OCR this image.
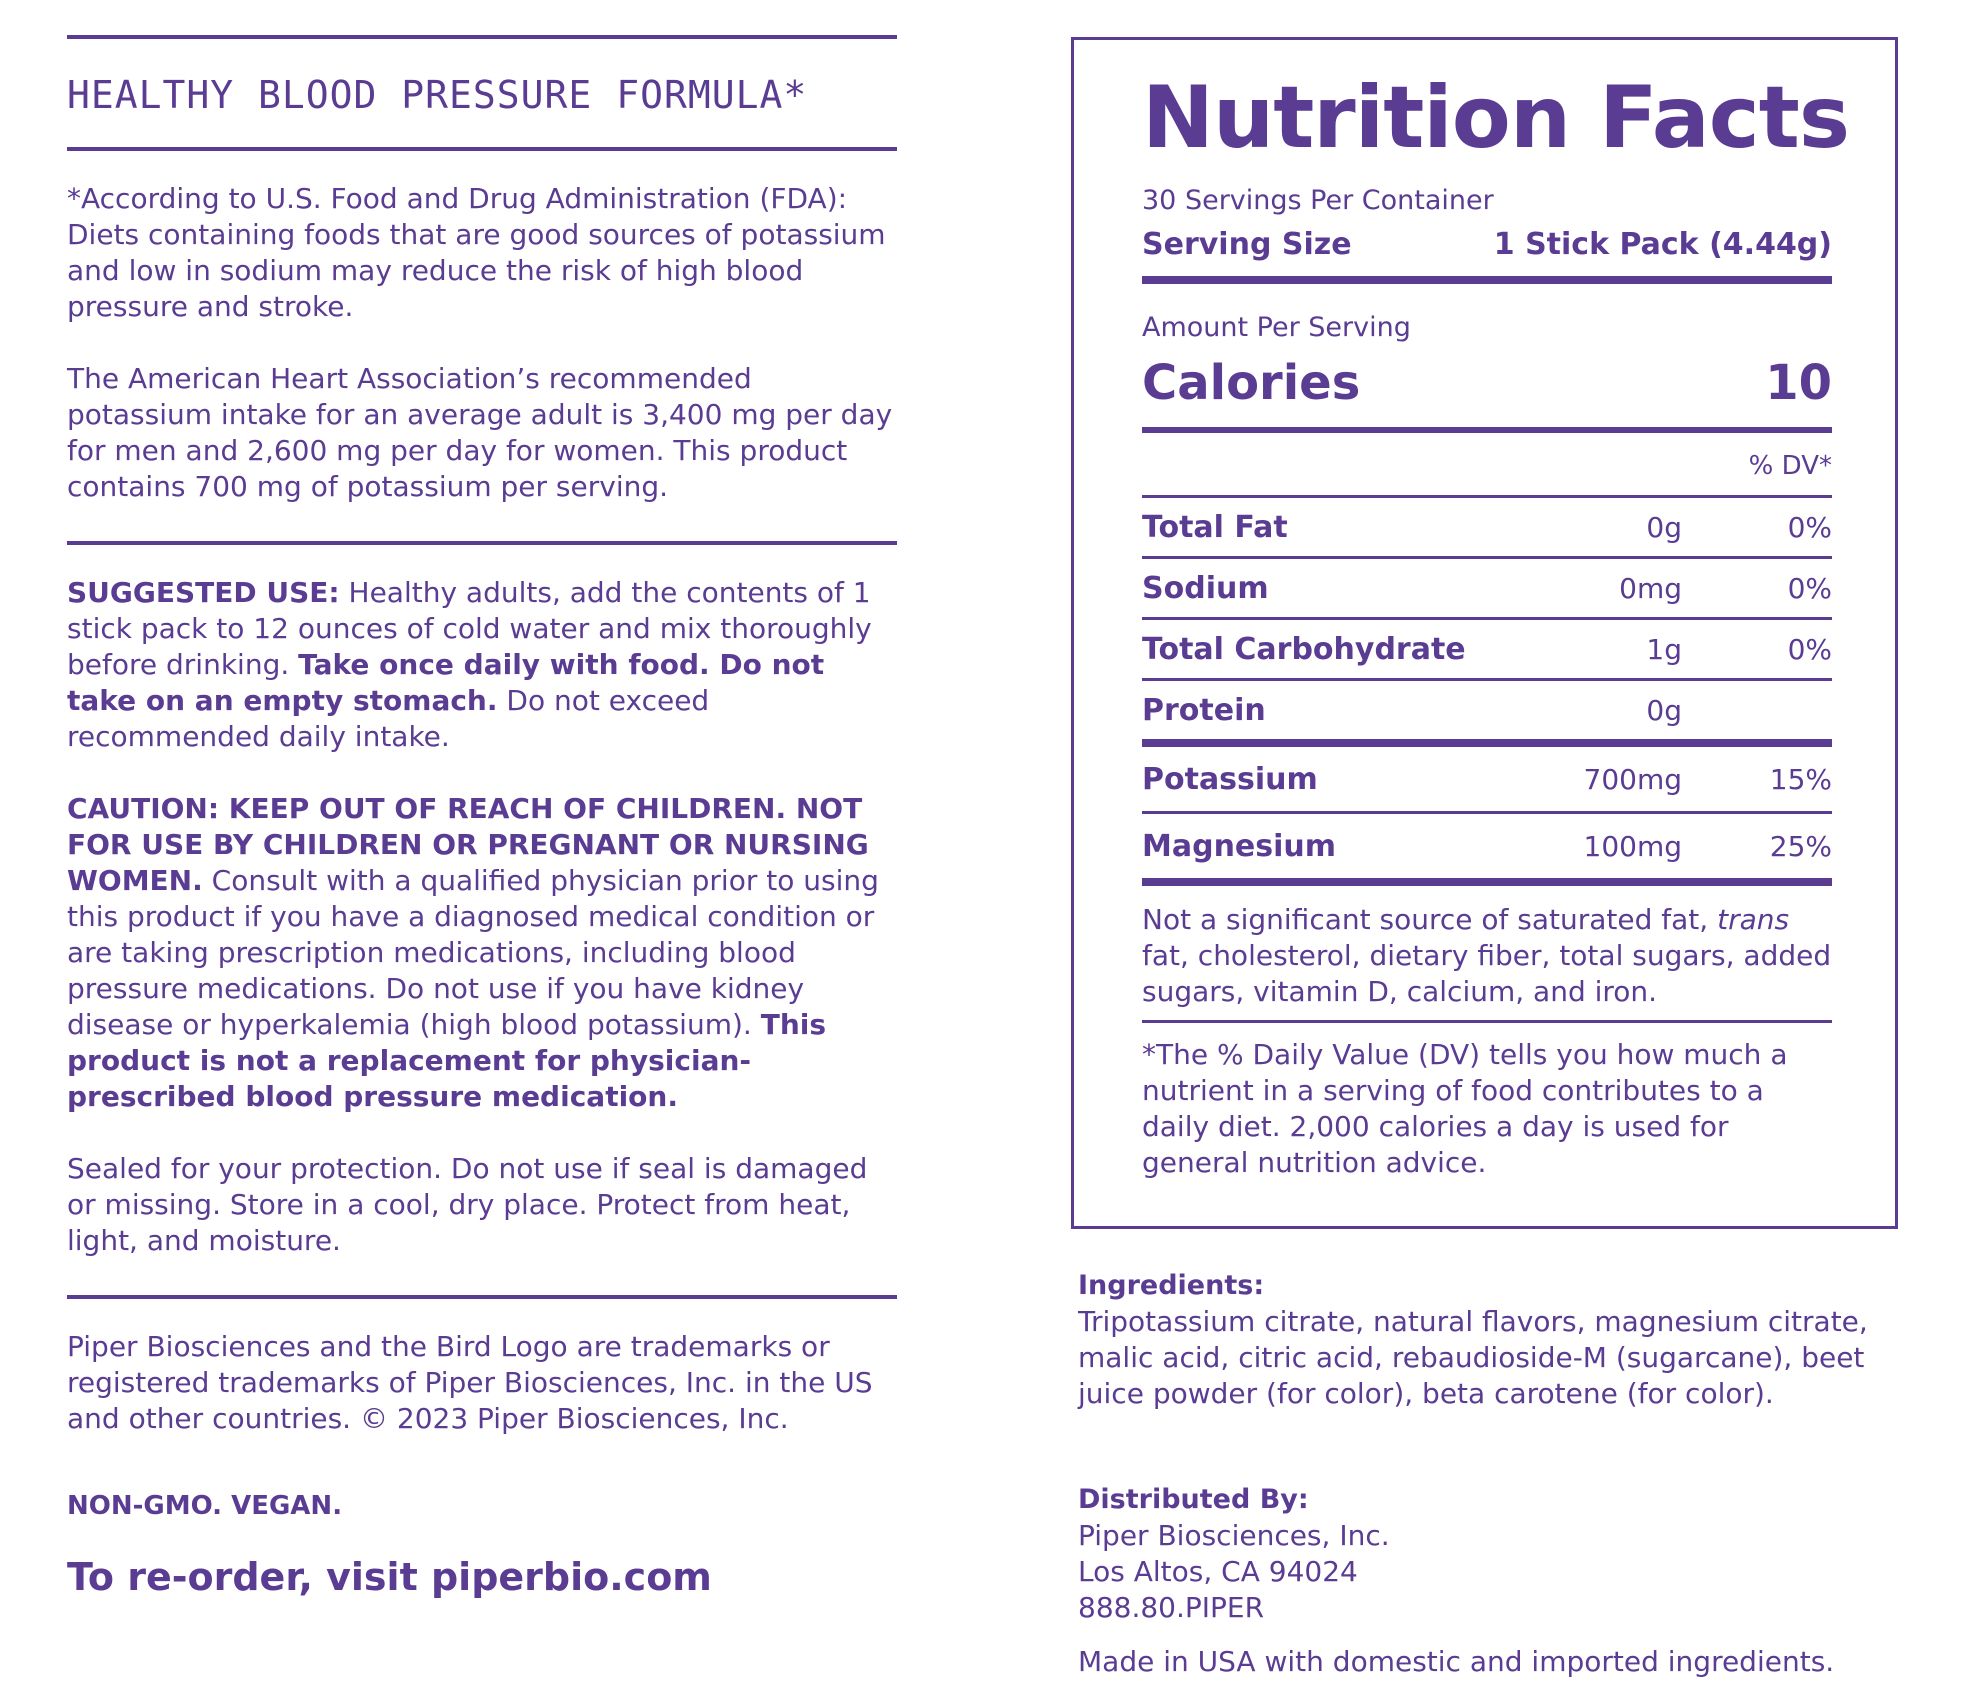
HEALTHY BLOOD PRESSURE FORMULA*

*According to U.S. Food and Drug Administration (FDA): Diets containing foods that are good sources of potassium and low in sodium may reduce the risk of high blood pressure and stroke.

The American Heart Association’s recommended potassium intake for an average adult is 3,400 mg per day for men and 2,600 mg per day for women. This product contains 700 mg of potassium per serving.

SUGGESTED USE: Healthy adults, add the contents of 1 stick pack to 12 ounces of cold water and mix thoroughly before drinking. Take once daily with food. Do not take on an empty stomach. Do not exceed recommended daily intake.

CAUTION: KEEP OUT OF REACH OF CHILDREN. NOT FOR USE BY CHILDREN OR PREGNANT OR NURSING WOMEN. Consult with a qualified physician prior to using this product if you have a diagnosed medical condition or are taking prescription medications, including blood pressure medications. Do not use if you have kidney disease or hyperkalemia (high blood potassium). This product is not a replacement for physician-prescribed blood pressure medication.

Sealed for your protection. Do not use if seal is damaged or missing. Store in a cool, dry place. Protect from heat, light, and moisture.

Piper Biosciences and the Bird Logo are trademarks or registered trademarks of Piper Biosciences, Inc. in the US and other countries. © 2023 Piper Biosciences, Inc.

NON-GMO. VEGAN.
To re-order, visit piperbio.com
Nutrition Facts
30 Servings Per Container
Serving Size	1 Stick Pack (4.44g)
Amount Per Serving
Calories	10
% DV*
Total Fat	0g	0%
Sodium	0mg	0%
Total Carbohydrate	1g	0%
Protein	0g
Potassium	700mg	15%
Magnesium	100mg	25%

Not a significant source of saturated fat, trans fat, cholesterol, dietary fiber, total sugars, added sugars, vitamin D, calcium, and iron.

*The % Daily Value (DV) tells you how much a nutrient in a serving of food contributes to a daily diet. 2,000 calories a day is used for general nutrition advice.

Ingredients:
Tripotassium citrate, natural flavors, magnesium citrate, malic acid, citric acid, rebaudioside-M (sugarcane), beet juice powder (for color), beta carotene (for color).
Distributed By:
Piper Biosciences, Inc.
Los Altos, CA 94024
888.80.PIPER
Made in USA with domestic and imported ingredients.
